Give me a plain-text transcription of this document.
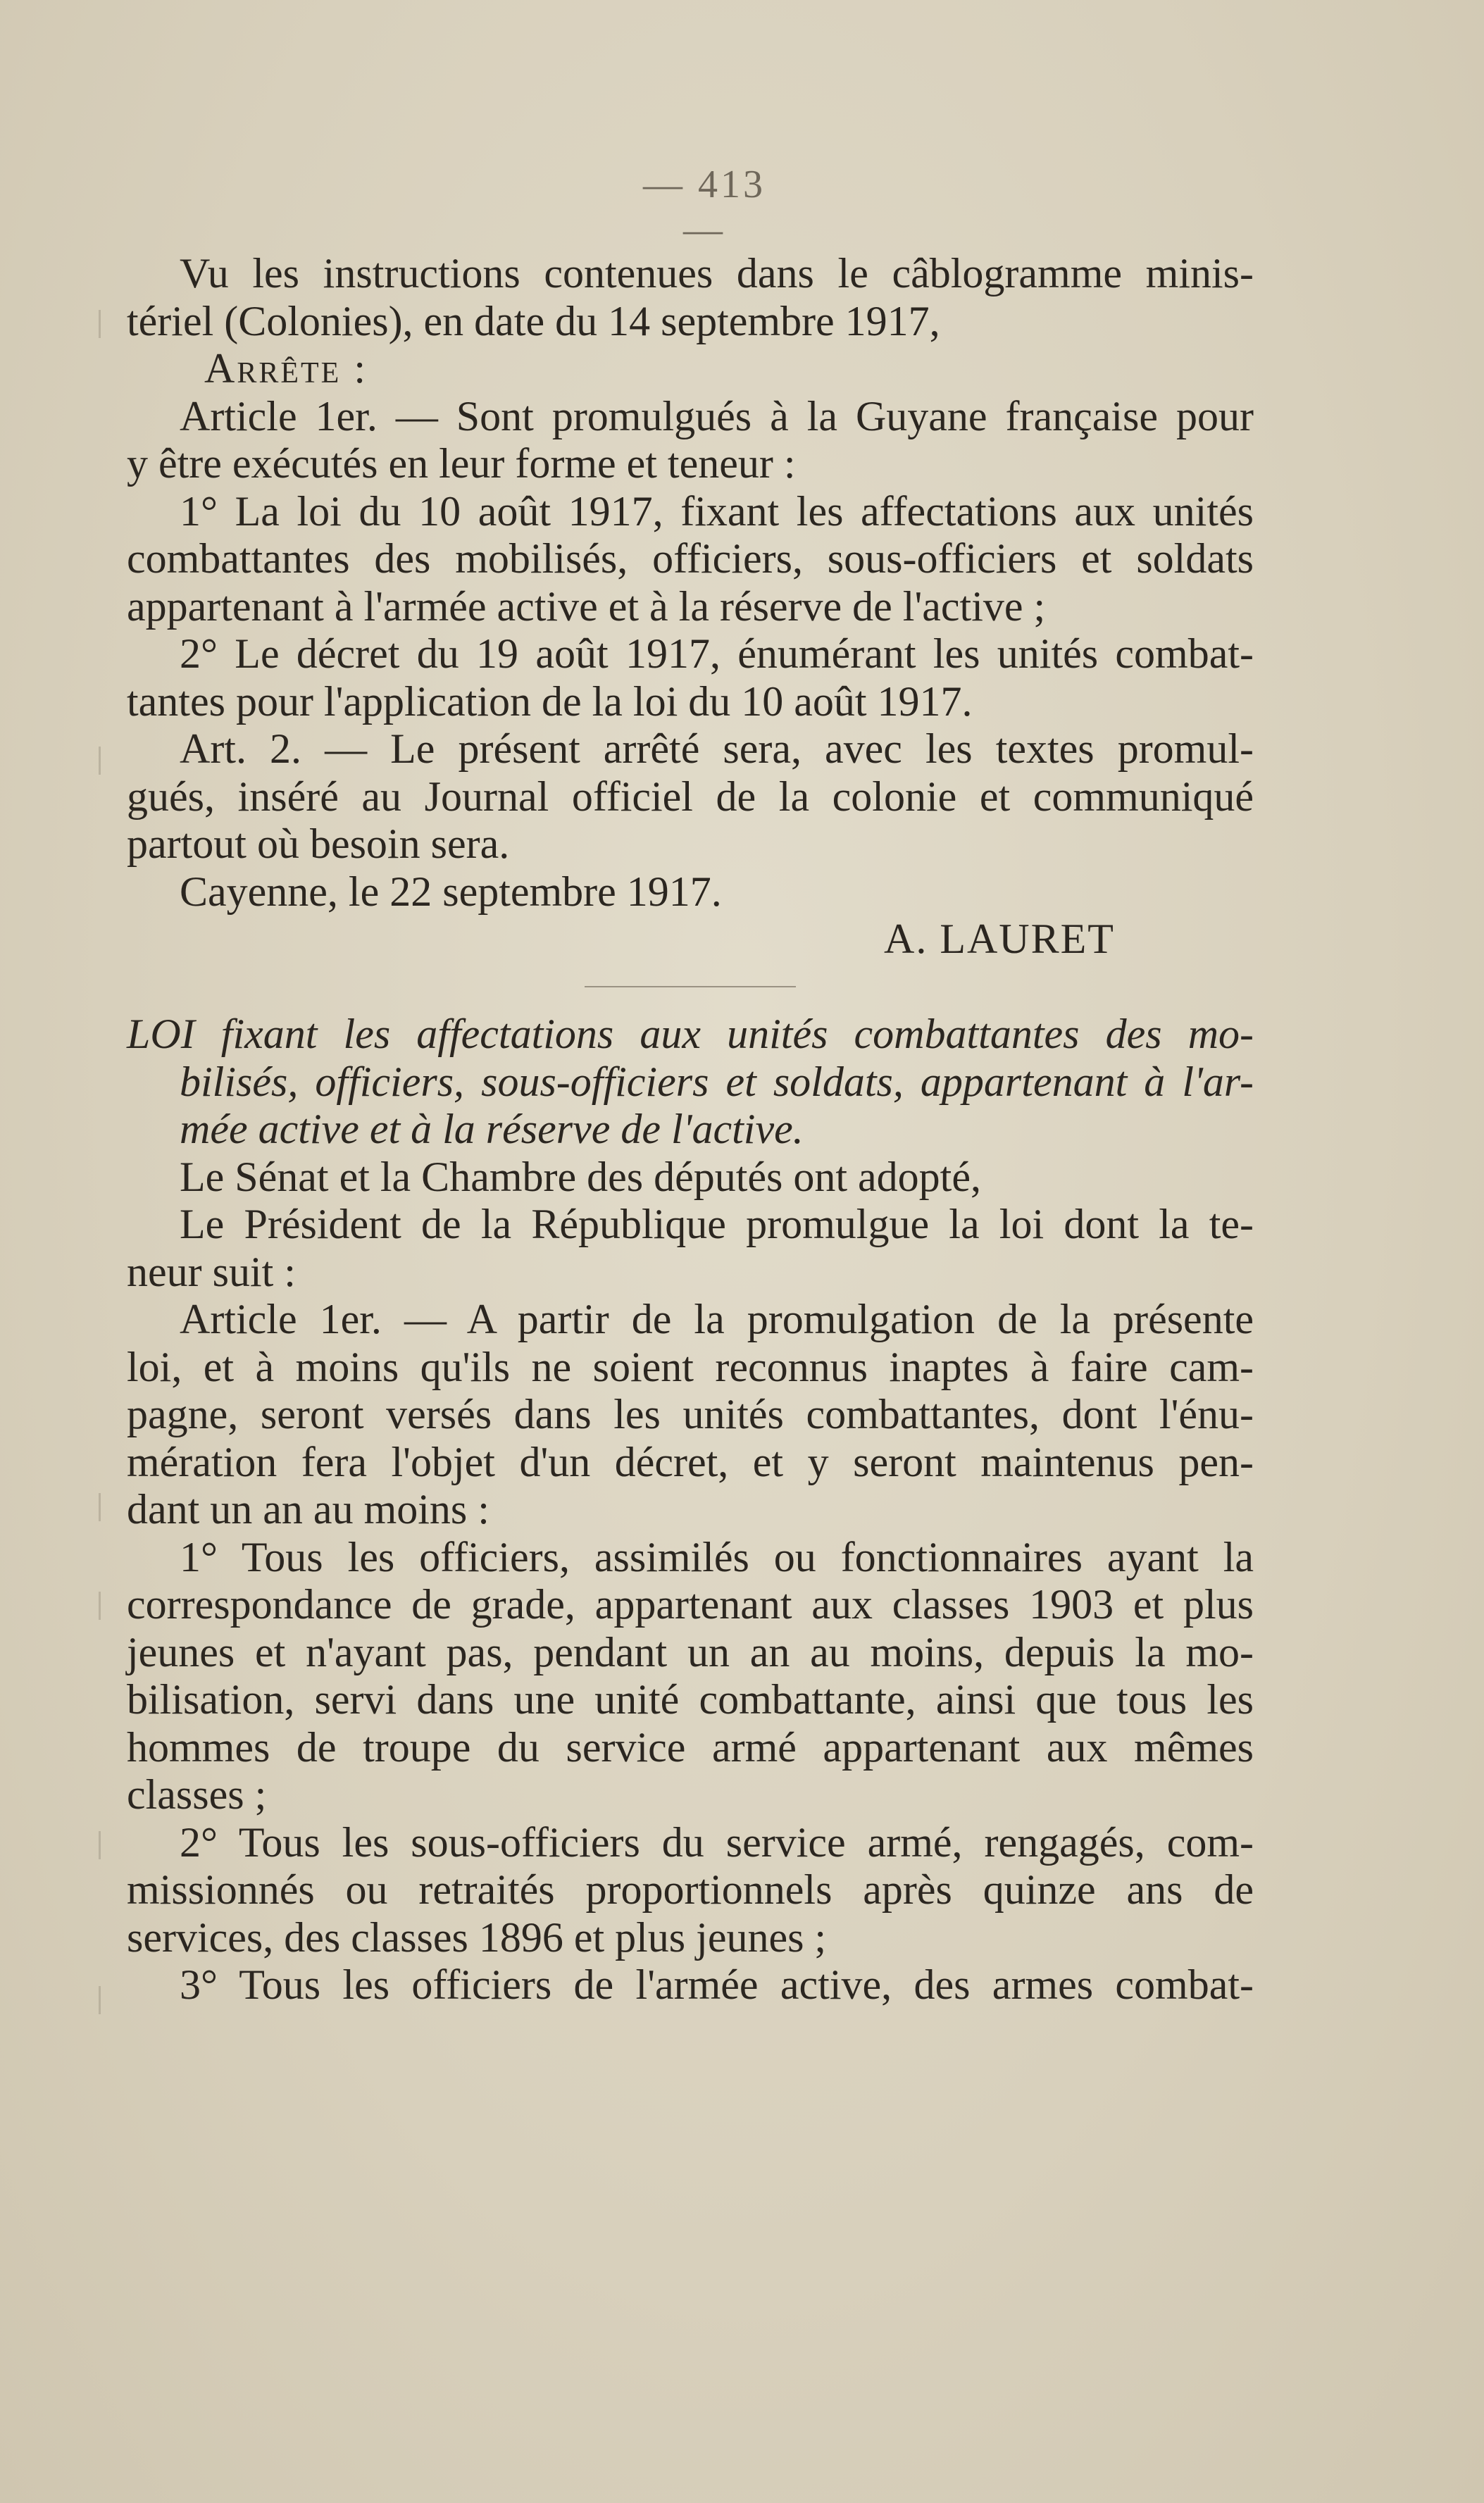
— 413 —

Vu les instructions contenues dans le câblogramme minis-

tériel (Colonies), en date du 14 septembre 1917,

Arrête :

Article 1er. — Sont promulgués à la Guyane française pour

y être exécutés en leur forme et teneur :

1° La loi du 10 août 1917, fixant les affectations aux unités

combattantes des mobilisés, officiers, sous-officiers et soldats

appartenant à l'armée active et à la réserve de l'active ;

2° Le décret du 19 août 1917, énumérant les unités combat-

tantes pour l'application de la loi du 10 août 1917.

Art. 2. — Le présent arrêté sera, avec les textes promul-

gués, inséré au Journal officiel de la colonie et communiqué

partout où besoin sera.

Cayenne, le 22 septembre 1917.

A. LAURET

LOI fixant les affectations aux unités combattantes des mo-

bilisés, officiers, sous-officiers et soldats, appartenant à l'ar-

mée active et à la réserve de l'active.

Le Sénat et la Chambre des députés ont adopté,

Le Président de la République promulgue la loi dont la te-

neur suit :

Article 1er. — A partir de la promulgation de la présente

loi, et à moins qu'ils ne soient reconnus inaptes à faire cam-

pagne, seront versés dans les unités combattantes, dont l'énu-

mération fera l'objet d'un décret, et y seront maintenus pen-

dant un an au moins :

1° Tous les officiers, assimilés ou fonctionnaires ayant la

correspondance de grade, appartenant aux classes 1903 et plus

jeunes et n'ayant pas, pendant un an au moins, depuis la mo-

bilisation, servi dans une unité combattante, ainsi que tous les

hommes de troupe du service armé appartenant aux mêmes

classes ;

2° Tous les sous-officiers du service armé, rengagés, com-

missionnés ou retraités proportionnels après quinze ans de

services, des classes 1896 et plus jeunes ;

3° Tous les officiers de l'armée active, des armes combat-
